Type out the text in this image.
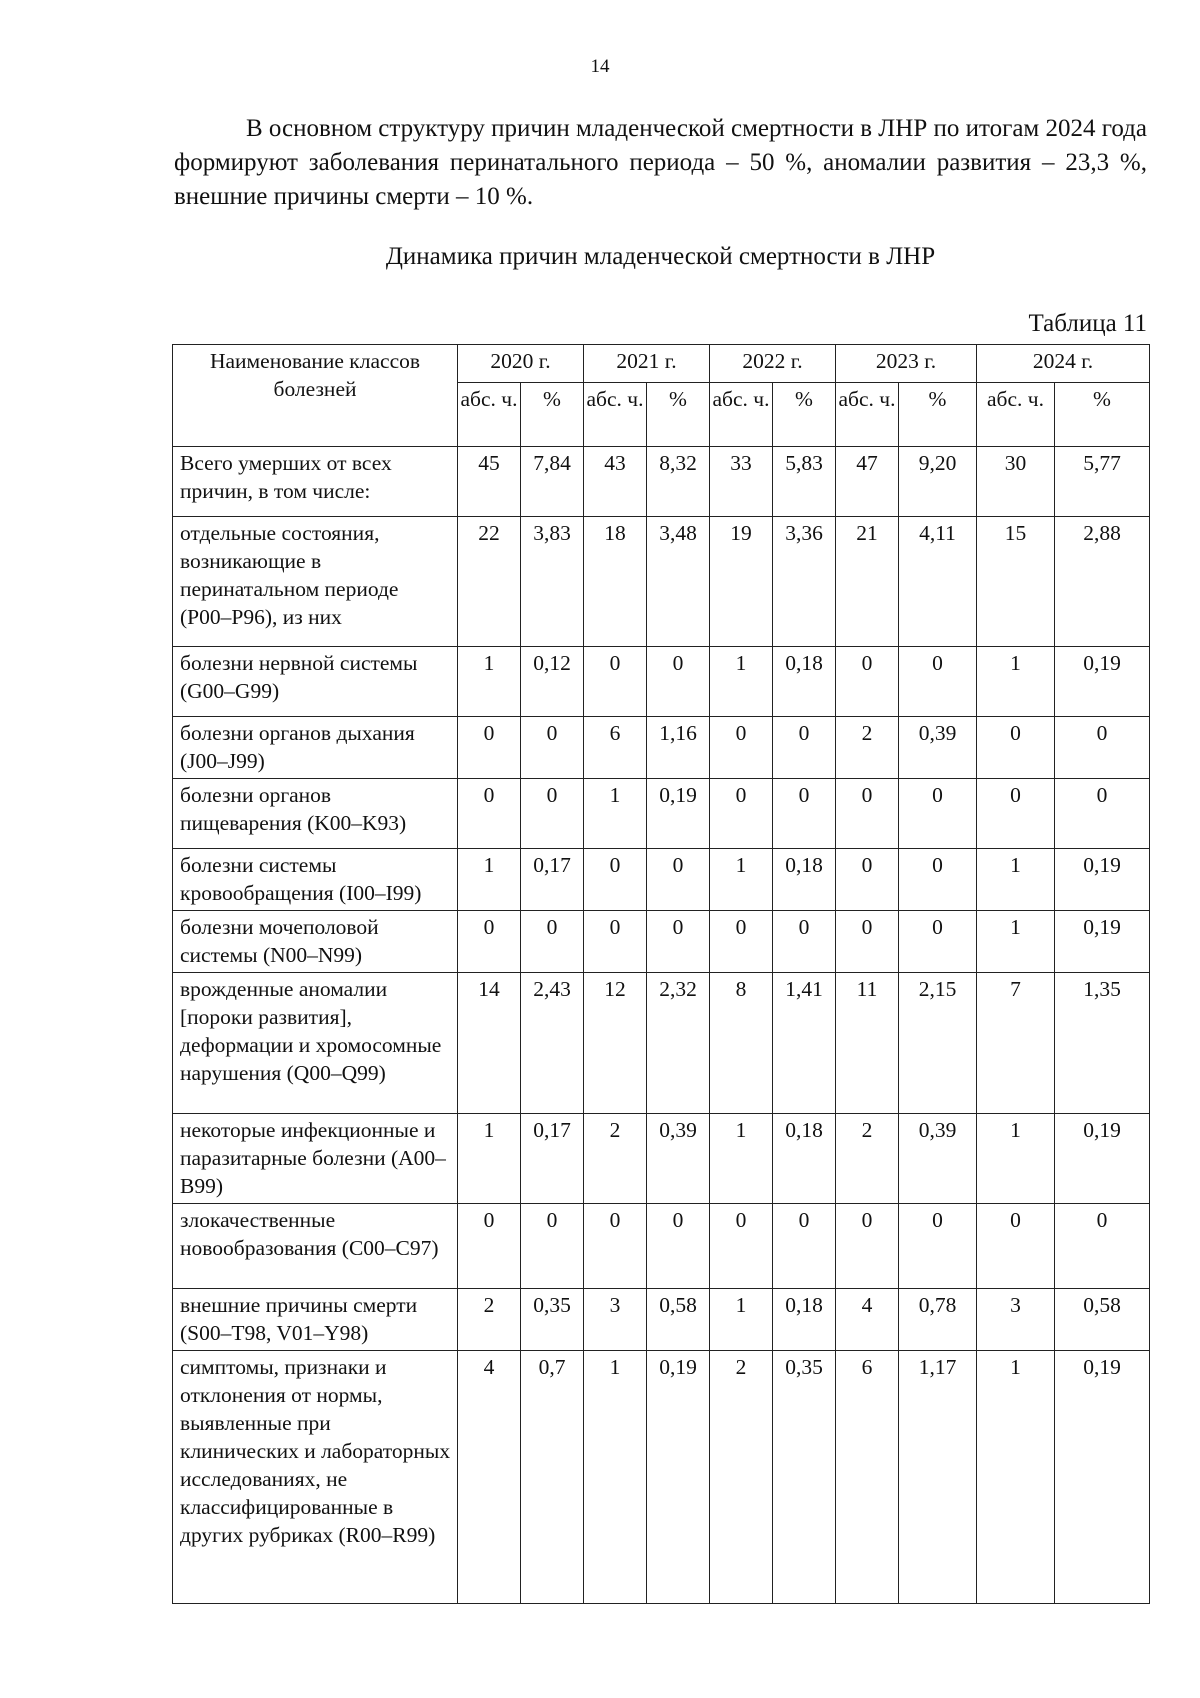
14

В основном структуру причин младенческой смертности в ЛНР по итогам 2024 года формируют заболевания перинатального периода – 50 %, аномалии развития – 23,3 %, внешние причины смерти – 10 %.

Динамика причин младенческой смертности в ЛНР
Таблица 11
Наименование классов болезней	2020 г.		2021 г.		2022 г.		2023 г.		2024 г.	
	абс. ч.	%	абс. ч.	%	абс. ч.	%	абс. ч.	%	абс. ч.	%
Всего умерших от всех причин, в том числе:	45	7,84	43	8,32	33	5,83	47	9,20	30	5,77
отдельные состояния, возникающие в перинатальном периоде (P00–P96), из них	22	3,83	18	3,48	19	3,36	21	4,11	15	2,88
болезни нервной системы (G00–G99)	1	0,12	0	0	1	0,18	0	0	1	0,19
болезни органов дыхания (J00–J99)	0	0	6	1,16	0	0	2	0,39	0	0
болезни органов пищеварения (K00–K93)	0	0	1	0,19	0	0	0	0	0	0
болезни системы кровообращения (I00–I99)	1	0,17	0	0	1	0,18	0	0	1	0,19
болезни мочеполовой системы (N00–N99)	0	0	0	0	0	0	0	0	1	0,19
врожденные аномалии [пороки развития], деформации и хромосомные нарушения (Q00–Q99)	14	2,43	12	2,32	8	1,41	11	2,15	7	1,35
некоторые инфекционные и паразитарные болезни (A00–B99)	1	0,17	2	0,39	1	0,18	2	0,39	1	0,19
злокачественные новообразования (C00–C97)	0	0	0	0	0	0	0	0	0	0
внешние причины смерти (S00–T98, V01–Y98)	2	0,35	3	0,58	1	0,18	4	0,78	3	0,58
симптомы, признаки и отклонения от нормы, выявленные при клинических и лабораторных исследованиях, не классифицированные в других рубриках (R00–R99)	4	0,7	1	0,19	2	0,35	6	1,17	1	0,19
